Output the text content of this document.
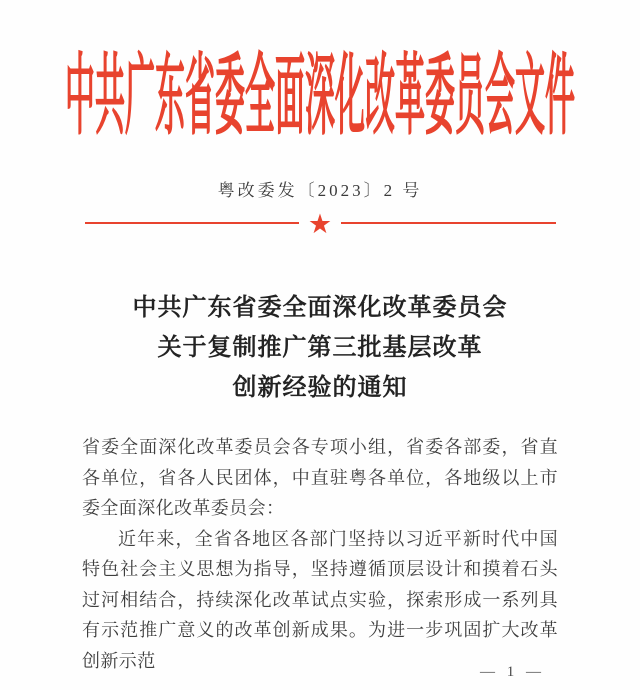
中共广东省委全面深化改革委员会文件
粤改委发〔2023〕2 号
★
中共广东省委全面深化改革委员会
关于复制推广第三批基层改革
创新经验的通知

省委全面深化改革委员会各专项小组，省委各部委，省直各单位，省各人民团体，中直驻粤各单位，各地级以上市委全面深化改革委员会：

近年来，全省各地区各部门坚持以习近平新时代中国特色社会主义思想为指导，坚持遵循顶层设计和摸着石头过河相结合，持续深化改革试点实验，探索形成一系列具有示范推广意义的改革创新成果。为进一步巩固扩大改革创新示范

— 1 —
